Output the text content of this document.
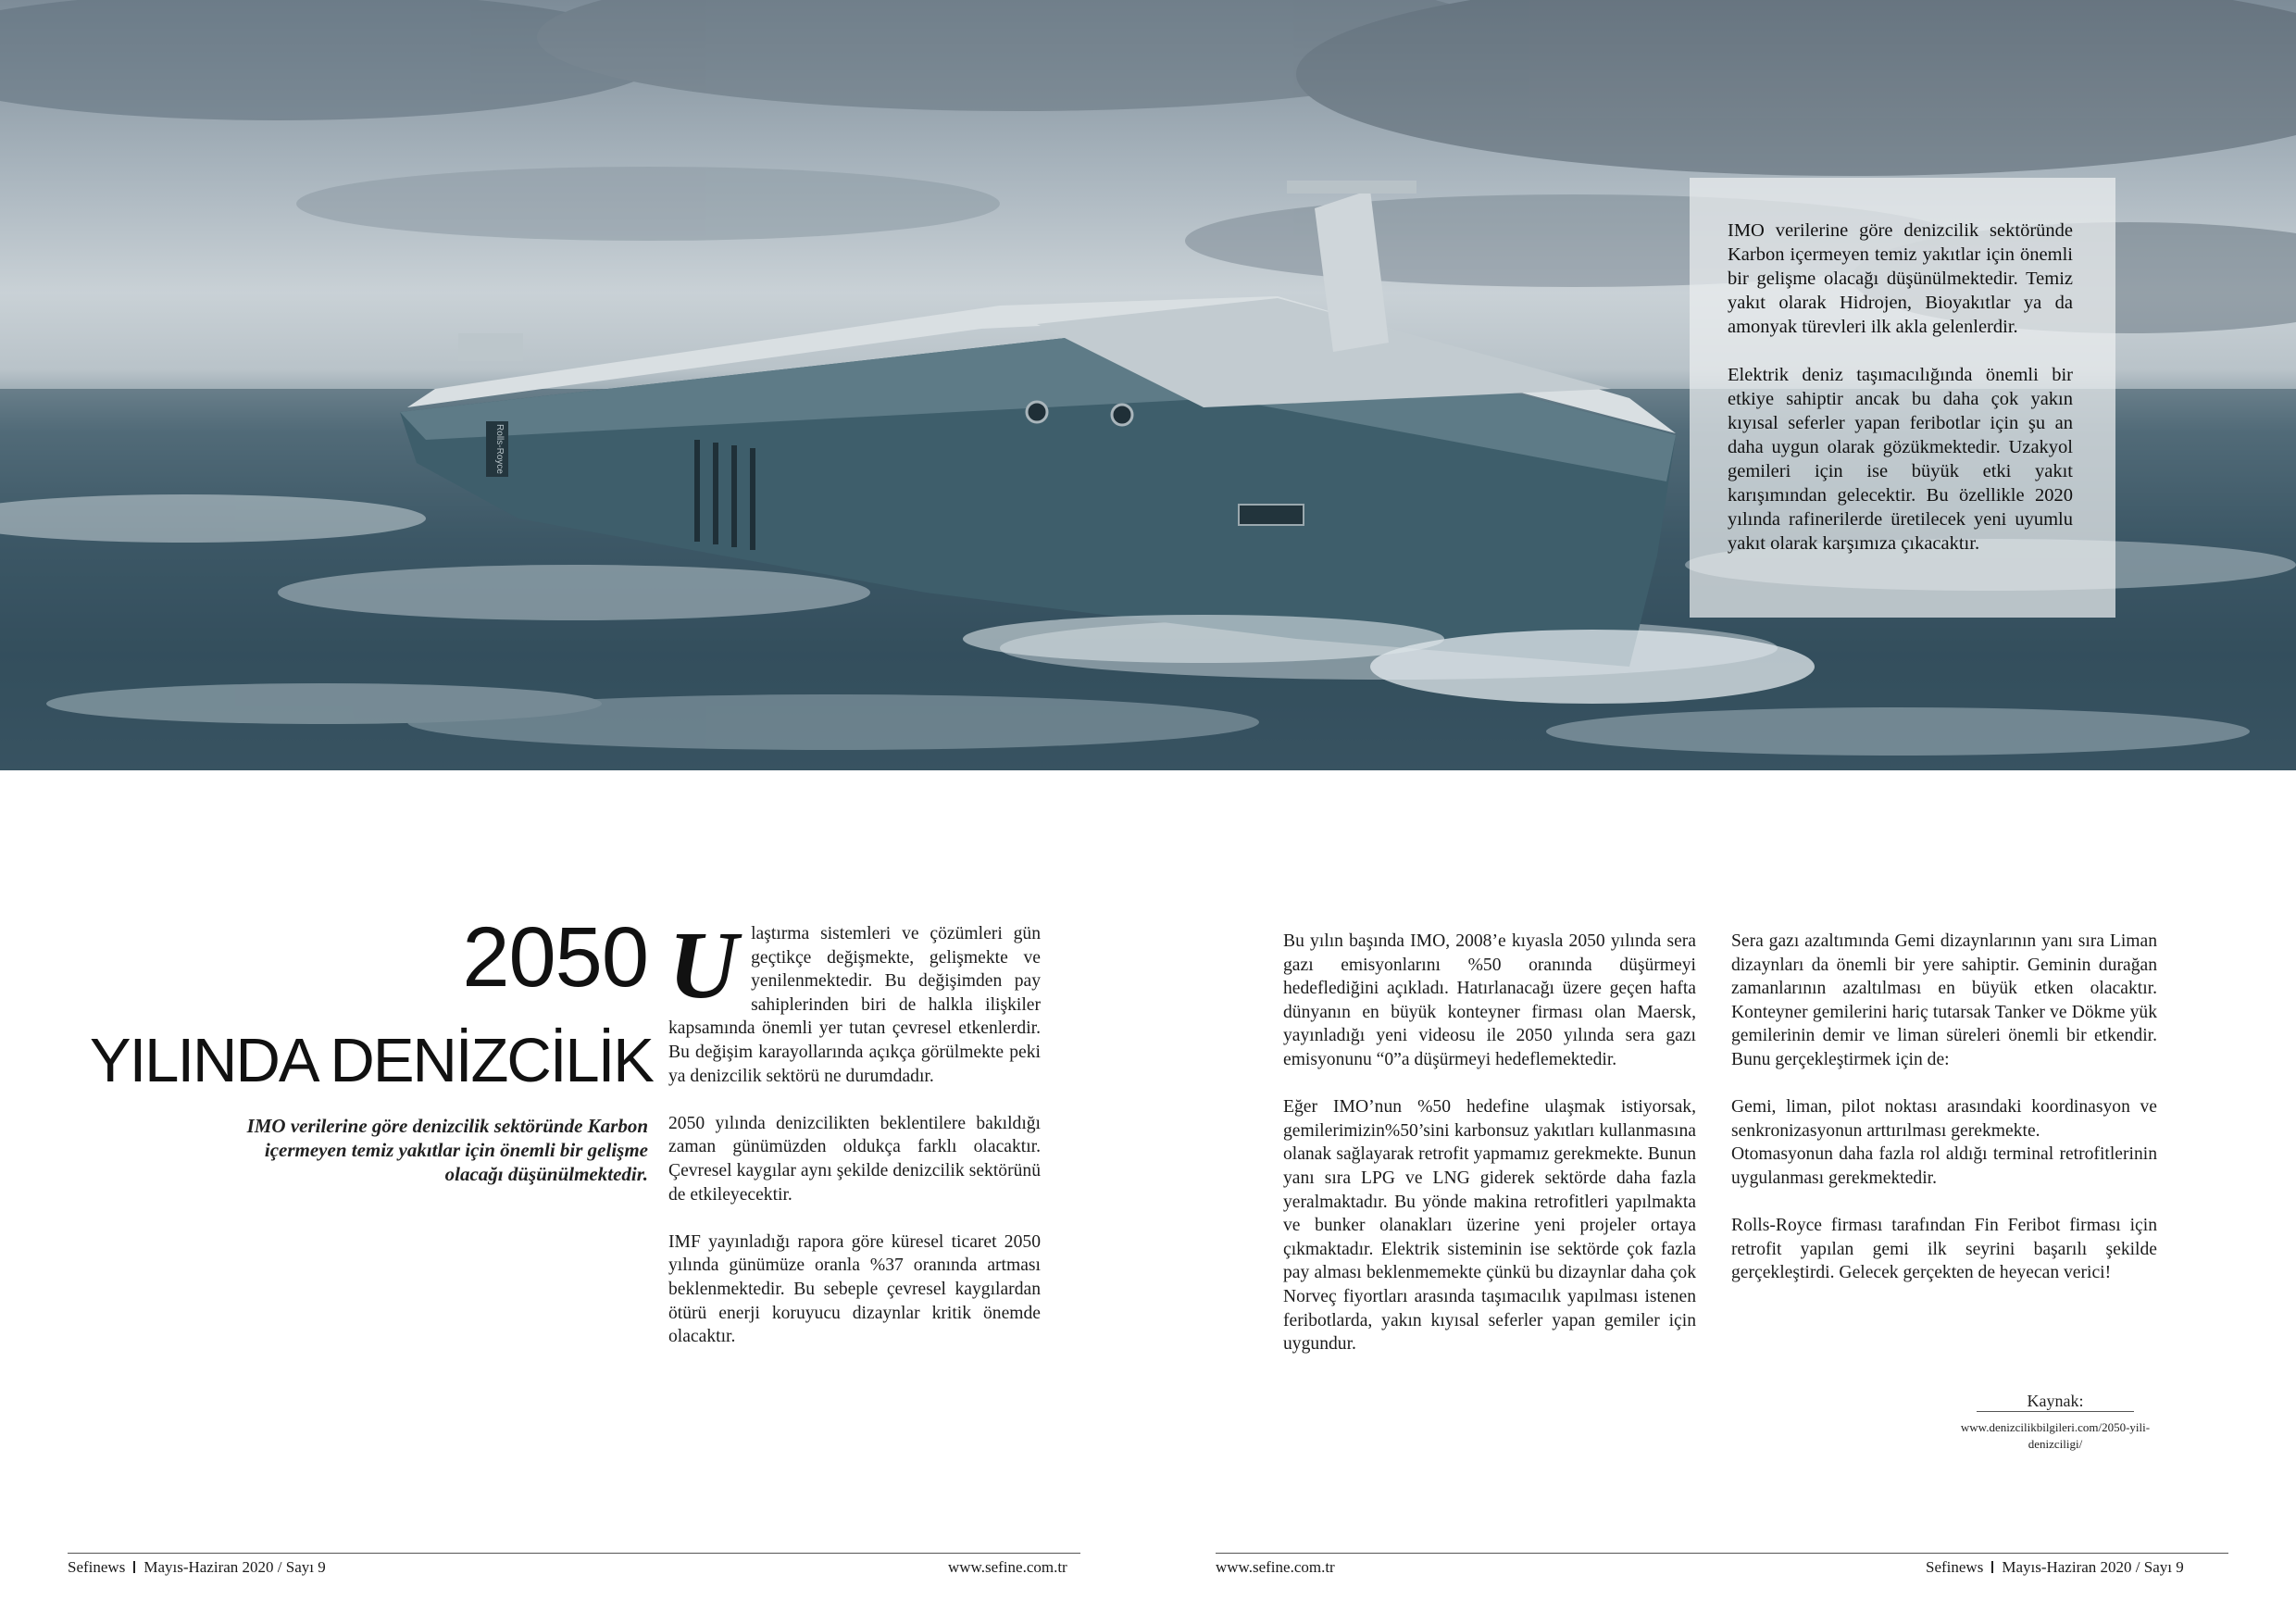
Rolls-Royce

IMO verilerine göre denizcilik sektöründe Karbon içermeyen temiz yakıtlar için önemli bir gelişme olacağı düşünülmektedir. Temiz yakıt olarak Hidrojen, Bioyakıtlar ya da amonyak türevleri ilk akla gelenlerdir.

Elektrik deniz taşımacılığında önemli bir etkiye sahiptir ancak bu daha çok yakın kıyısal seferler yapan feribotlar için şu an daha uygun olarak gözükmektedir. Uzakyol gemileri için ise büyük etki yakıt karışımından gelecektir. Bu özellikle 2020 yılında rafinerilerde üretilecek yeni uyumlu yakıt olarak karşımıza çıkacaktır.

2050
YILINDA DENİZCİLİK
IMO verilerine göre denizcilik sektöründe Karbon içermeyen temiz yakıtlar için önemli bir gelişme olacağı düşünülmektedir.

Ulaştırma sistemleri ve çözümleri gün geçtikçe değişmekte, gelişmekte ve yenilenmektedir. Bu değişimden pay sahiplerinden biri de halkla ilişkiler kapsamında önemli yer tutan çevresel etkenlerdir. Bu değişim karayollarında açıkça görülmekte peki ya denizcilik sektörü ne durumdadır.

2050 yılında denizcilikten beklentilere bakıldığı zaman günümüzden oldukça farklı olacaktır. Çevresel kaygılar aynı şekilde denizcilik sektörünü de etkileyecektir.

IMF yayınladığı rapora göre küresel ticaret 2050 yılında günümüze oranla %37 oranında artması beklenmektedir. Bu sebeple çevresel kaygılardan ötürü enerji koruyucu dizaynlar kritik önemde olacaktır.

Bu yılın başında IMO, 2008’e kıyasla 2050 yılında sera gazı emisyonlarını %50 oranında düşürmeyi hedeflediğini açıkladı. Hatırlanacağı üzere geçen hafta dünyanın en büyük konteyner firması olan Maersk, yayınladığı yeni videosu ile 2050 yılında sera gazı emisyonunu “0”a düşürmeyi hedeflemektedir.

Eğer IMO’nun %50 hedefine ulaşmak istiyorsak, gemilerimizin%50’sini karbonsuz yakıtları kullanmasına olanak sağlayarak retrofit yapmamız gerekmekte. Bunun yanı sıra LPG ve LNG giderek sektörde daha fazla yeralmaktadır. Bu yönde makina retrofitleri yapılmakta ve bunker olanakları üzerine yeni projeler ortaya çıkmaktadır. Elektrik sisteminin ise sektörde çok fazla pay alması beklenmemekte çünkü bu dizaynlar daha çok Norveç fiyortları arasında taşımacılık yapılması istenen feribotlarda, yakın kıyısal seferler yapan gemiler için uygundur.

Sera gazı azaltımında Gemi dizaynlarının yanı sıra Liman dizaynları da önemli bir yere sahiptir. Geminin durağan zamanlarının azaltılması en büyük etken olacaktır. Konteyner gemilerini hariç tutarsak Tanker ve Dökme yük gemilerinin demir ve liman süreleri önemli bir etkendir. Bunu gerçekleştirmek için de:

Gemi, liman, pilot noktası arasındaki koordinasyon ve senkronizasyonun arttırılması gerekmekte.

Otomasyonun daha fazla rol aldığı terminal retrofitlerinin uygulanması gerekmektedir.

Rolls-Royce firması tarafından Fin Feribot firması için retrofit yapılan gemi ilk seyrini başarılı şekilde gerçekleştirdi. Gelecek gerçekten de heyecan verici!

Kaynak:
www.denizcilikbilgileri.com/2050-yili-denizciligi/
Sefinews Mayıs-Haziran 2020 / Sayı 9	www.sefine.com.tr	www.sefine.com.tr	Sefinews Mayıs-Haziran 2020 / Sayı 9
